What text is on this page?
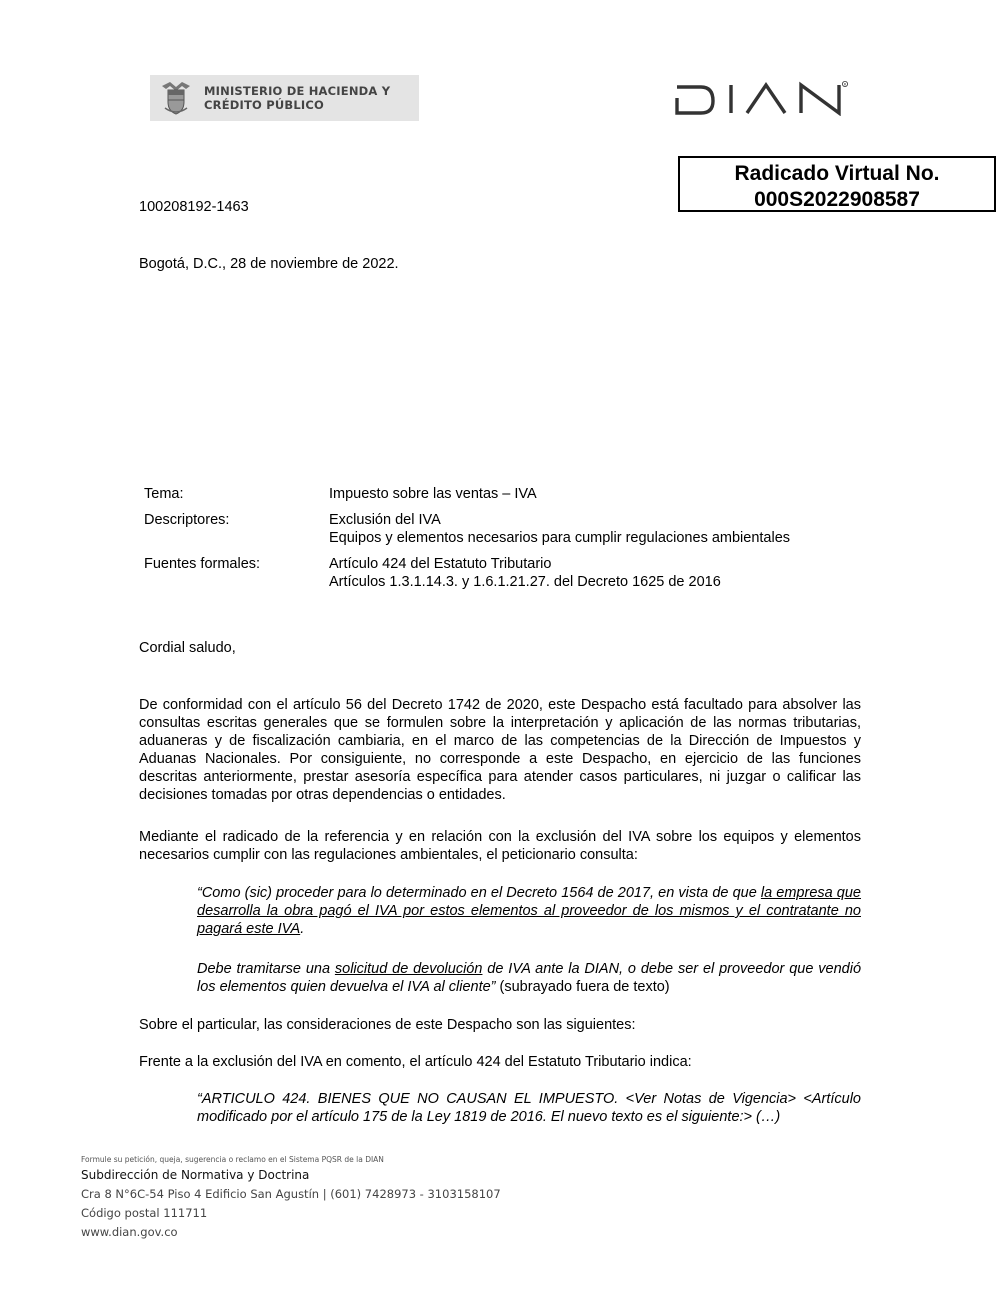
MINISTERIO DE HACIENDA Y
CRÉDITO PÚBLICO
R
Radicado Virtual No.
000S2022908587
100208192-1463
Bogotá, D.C., 28 de noviembre de 2022.
Tema:	Impuesto sobre las ventas – IVA
Descriptores:	Exclusión del IVA
Equipos y elementos necesarios para cumplir regulaciones ambientales
Fuentes formales:	Artículo 424 del Estatuto Tributario
Artículos 1.3.1.14.3. y 1.6.1.21.27. del Decreto 1625 de 2016
Cordial saludo,

De conformidad con el artículo 56 del Decreto 1742 de 2020, este Despacho está facultado para absolver las consultas escritas generales que se formulen sobre la interpretación y aplicación de las normas tributarias, aduaneras y de fiscalización cambiaria, en el marco de las competencias de la Dirección de Impuestos y Aduanas Nacionales. Por consiguiente, no corresponde a este Despacho, en ejercicio de las funciones descritas anteriormente, prestar asesoría específica para atender casos particulares, ni juzgar o calificar las decisiones tomadas por otras dependencias o entidades.

Mediante el radicado de la referencia y en relación con la exclusión del IVA sobre los equipos y elementos necesarios cumplir con las regulaciones ambientales, el peticionario consulta:

“Como (sic) proceder para lo determinado en el Decreto 1564 de 2017, en vista de que la empresa que desarrolla la obra pagó el IVA por estos elementos al proveedor de los mismos y el contratante no pagará este IVA.

Debe tramitarse una solicitud de devolución de IVA ante la DIAN, o debe ser el proveedor que vendió los elementos quien devuelva el IVA al cliente” (subrayado fuera de texto)

Sobre el particular, las consideraciones de este Despacho son las siguientes:

Frente a la exclusión del IVA en comento, el artículo 424 del Estatuto Tributario indica:

“ARTICULO 424. BIENES QUE NO CAUSAN EL IMPUESTO. <Ver Notas de Vigencia> <Artículo modificado por el artículo 175 de la Ley 1819 de 2016. El nuevo texto es el siguiente:> (…)

Formule su petición, queja, sugerencia o reclamo en el Sistema PQSR de la DIAN
Subdirección de Normativa y Doctrina
Cra 8 N°6C-54 Piso 4 Edificio San Agustín | (601) 7428973 - 3103158107
Código postal 111711
www.dian.gov.co
